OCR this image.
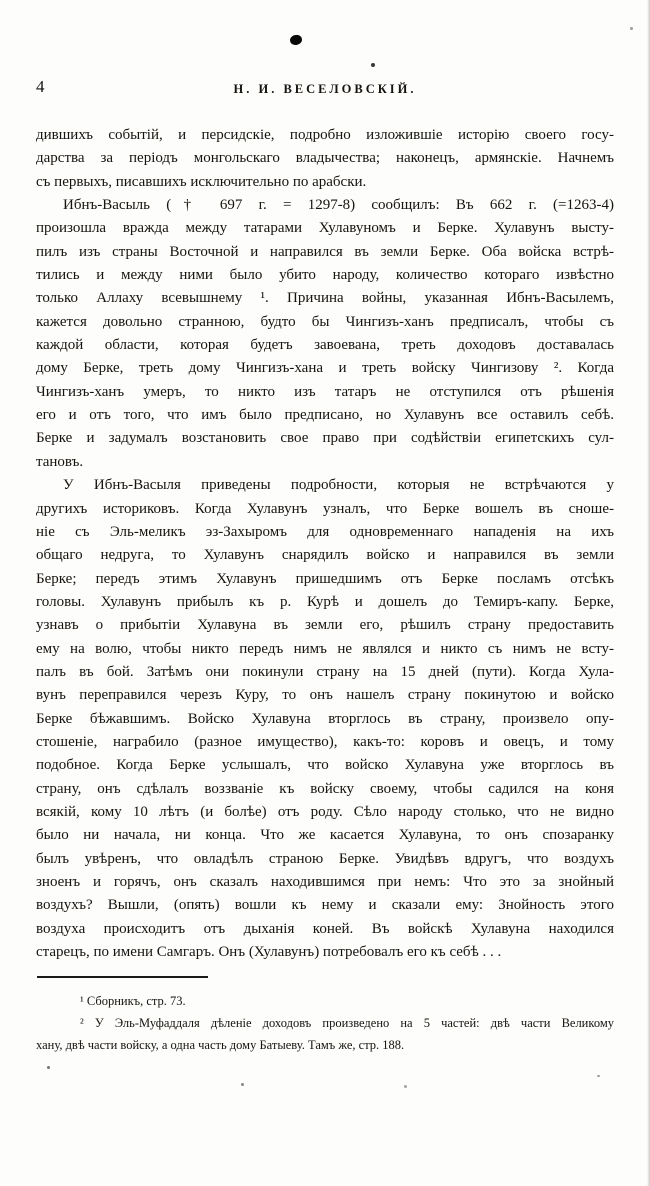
4	Н. И. ВЕСЕЛОВСКІЙ.
дившихъ событій, и персидскіе, подробно изложившіе исторію своего госу-
дарства за періодъ монгольскаго владычества; наконецъ, армянскіе. Начнемъ
съ первыхъ, писавшихъ исключительно по арабски.
Ибнъ-Васыль († 697 г. = 1297-8) сообщилъ: Въ 662 г. (=1263-4)
произошла вражда между татарами Хулавуномъ и Берке. Хулавунъ высту-
пилъ изъ страны Восточной и направился въ земли Берке. Оба войска встрѣ-
тились и между ними было убито народу, количество котораго извѣстно
только Аллаху всевышнему ¹. Причина войны, указанная Ибнъ-Васылемъ,
кажется довольно странною, будто бы Чингизъ-ханъ предписалъ, чтобы съ
каждой области, которая будетъ завоевана, треть доходовъ доставалась
дому Берке, треть дому Чингизъ-хана и треть войску Чингизову ². Когда
Чингизъ-ханъ умеръ, то никто изъ татаръ не отступился отъ рѣшенія
его и отъ того, что имъ было предписано, но Хулавунъ все оставилъ себѣ.
Берке и задумалъ возстановить свое право при содѣйствіи египетскихъ сул-
тановъ.
У Ибнъ-Васыля приведены подробности, которыя не встрѣчаются у
другихъ историковъ. Когда Хулавунъ узналъ, что Берке вошелъ въ сноше-
ніе съ Эль-меликъ эз-Захыромъ для одновременнаго нападенія на ихъ
общаго недруга, то Хулавунъ снарядилъ войско и направился въ земли
Берке; передъ этимъ Хулавунъ пришедшимъ отъ Берке посламъ отсѣкъ
головы. Хулавунъ прибылъ къ р. Курѣ и дошелъ до Темиръ-капу. Берке,
узнавъ о прибытіи Хулавуна въ земли его, рѣшилъ страну предоставить
ему на волю, чтобы никто передъ нимъ не являлся и никто съ нимъ не всту-
палъ въ бой. Затѣмъ они покинули страну на 15 дней (пути). Когда Хула-
вунъ переправился черезъ Куру, то онъ нашелъ страну покинутою и войско
Берке бѣжавшимъ. Войско Хулавуна вторглось въ страну, произвело опу-
стошеніе, награбило (разное имущество), какъ-то: коровъ и овецъ, и тому
подобное. Когда Берке услышалъ, что войско Хулавуна уже вторглось въ
страну, онъ сдѣлалъ воззваніе къ войску своему, чтобы садился на коня
всякій, кому 10 лѣтъ (и болѣе) отъ роду. Сѣло народу столько, что не видно
было ни начала, ни конца. Что же касается Хулавуна, то онъ спозаранку
былъ увѣренъ, что овладѣлъ страною Берке. Увидѣвъ вдругъ, что воздухъ
зноенъ и горячъ, онъ сказалъ находившимся при немъ: Что это за знойный
воздухъ? Вышли, (опять) вошли къ нему и сказали ему: Знойность этого
воздуха происходитъ отъ дыханія коней. Въ войскѣ Хулавуна находился
старецъ, по имени Самгаръ. Онъ (Хулавунъ) потребовалъ его къ себѣ . . .
¹ Сборникъ, стр. 73.
² У Эль-Муфаддаля дѣленіе доходовъ произведено на 5 частей: двѣ части Великому
хану, двѣ части войску, а одна часть дому Батыеву. Тамъ же, стр. 188.
